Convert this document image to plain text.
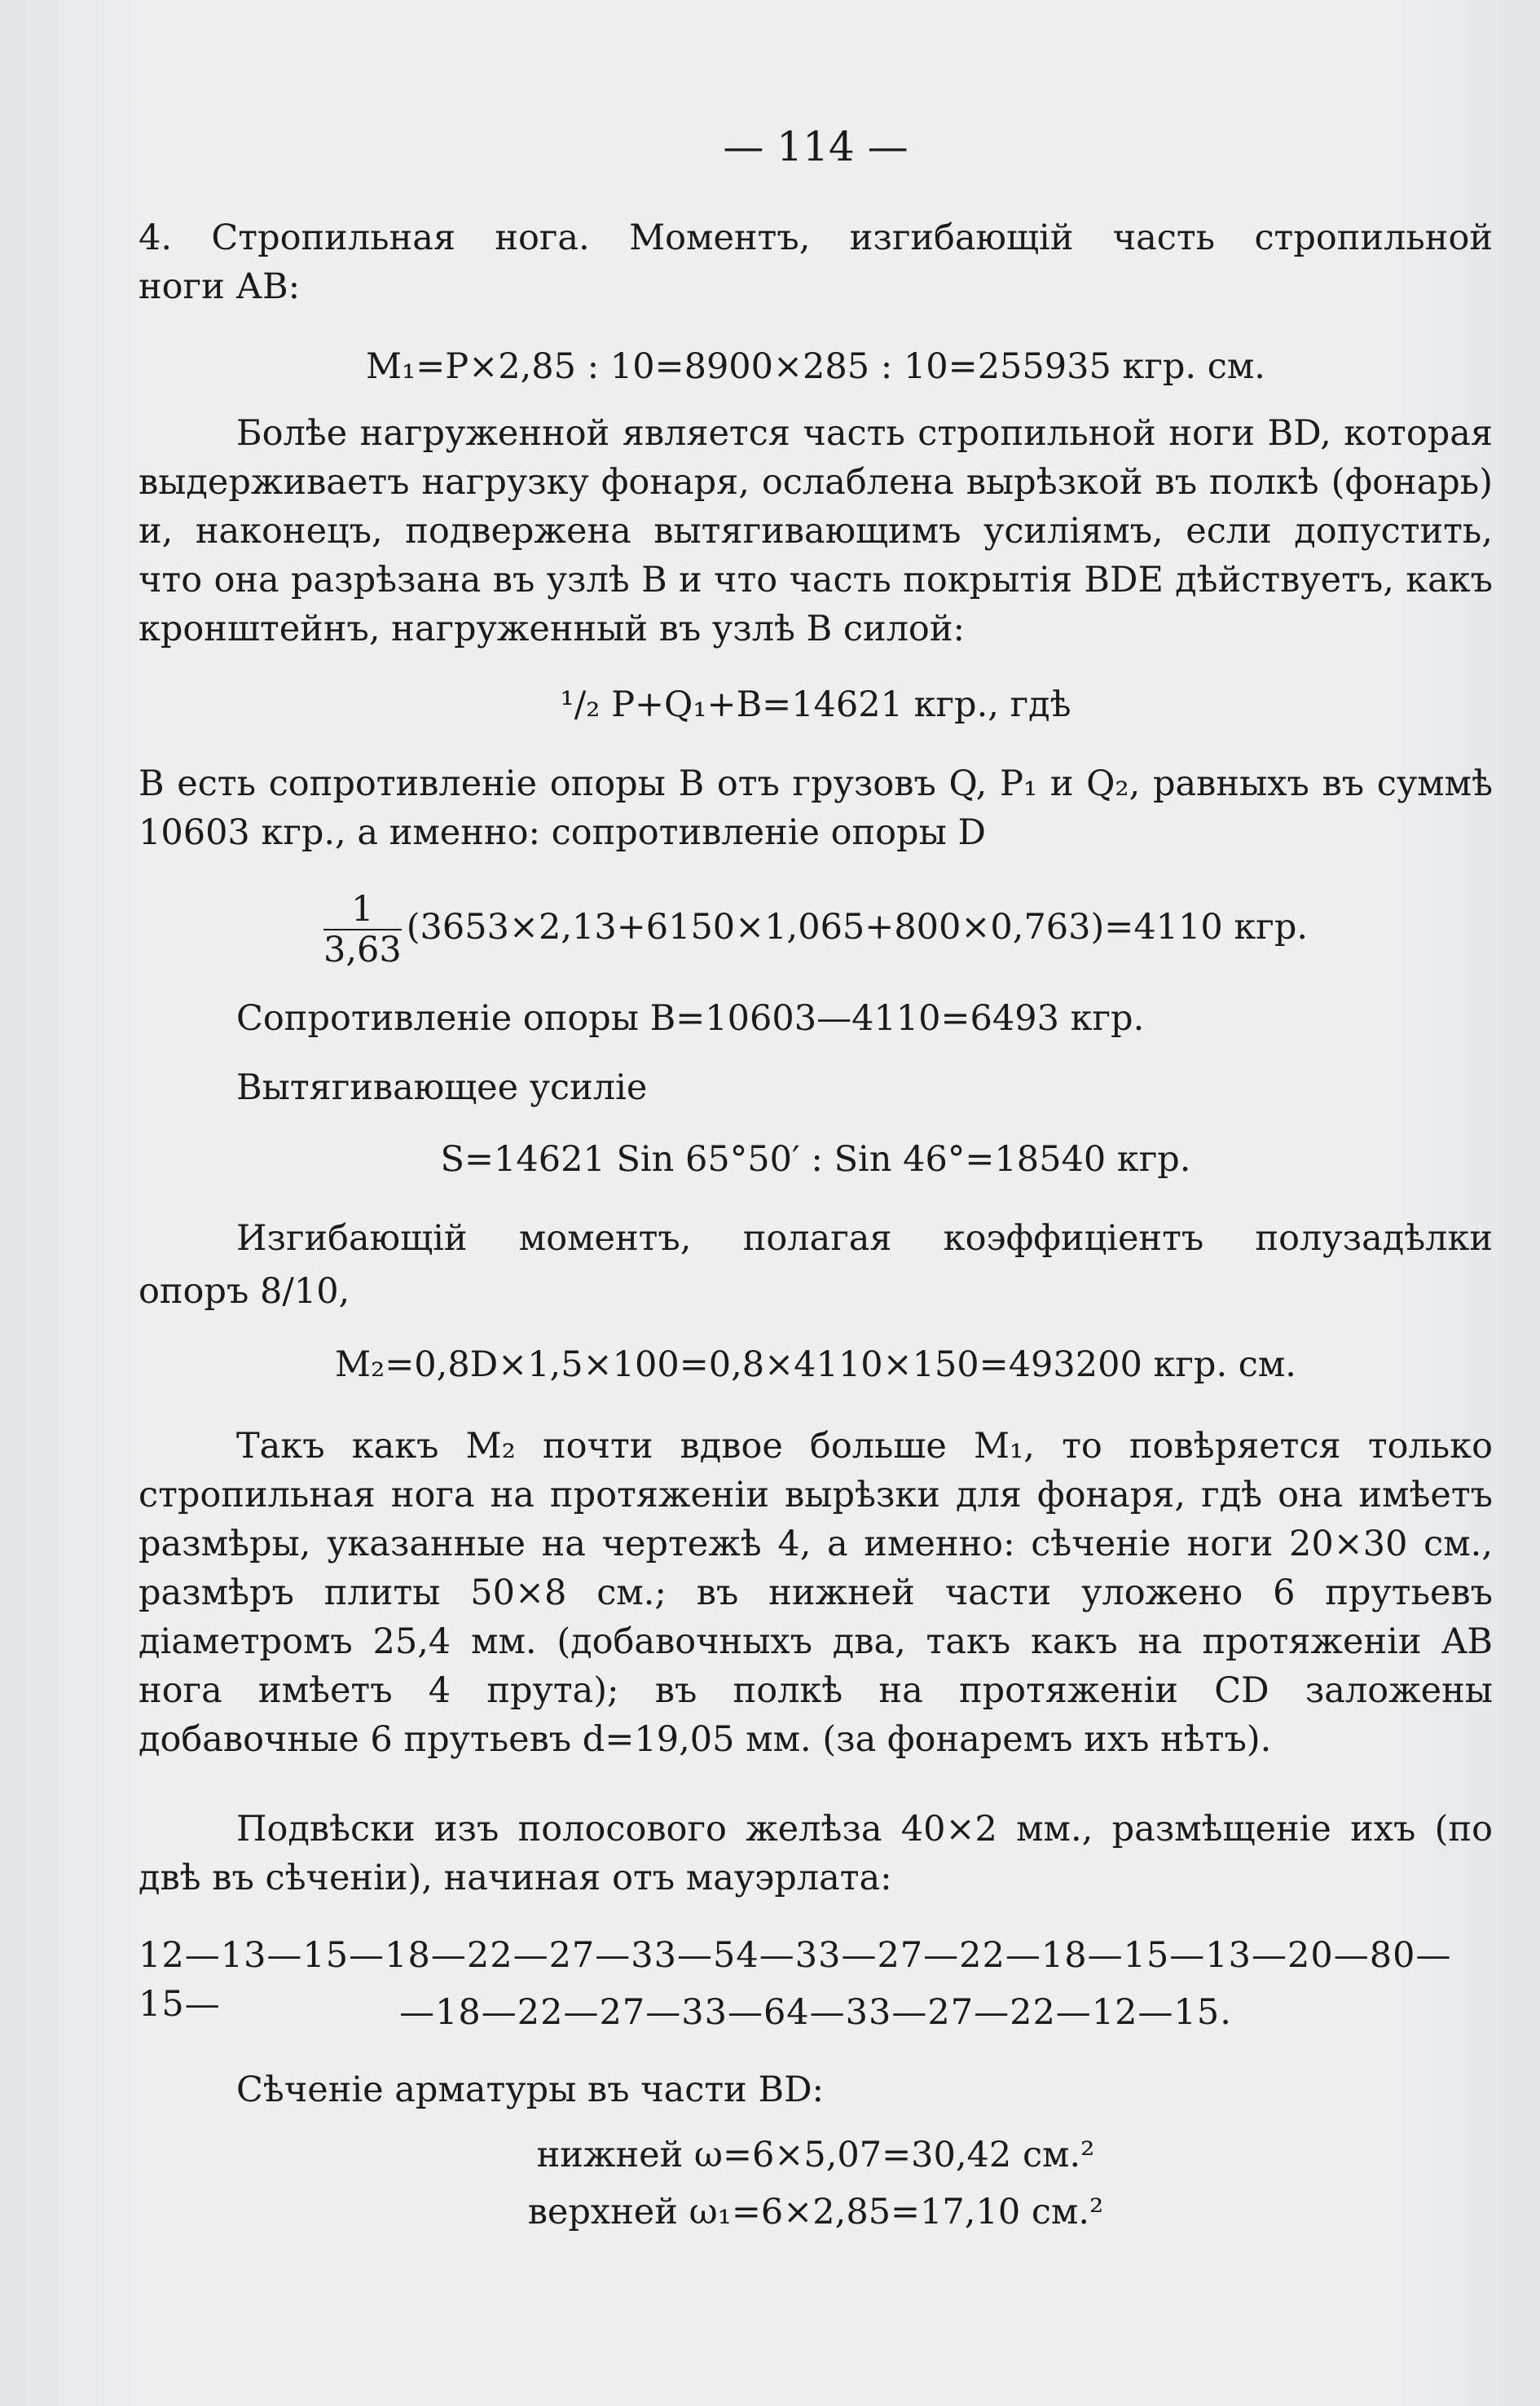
— 114 —
4. Стропильная нога. Моментъ, изгибающій часть стропильной
ноги АВ:
M₁=P×2,85 : 10=8900×285 : 10=255935 кгр. см.
Болѣе нагруженной является часть стропильной ноги BD, которая выдерживаетъ нагрузку фонаря, ослаблена вырѣзкой въ полкѣ (фонарь) и, наконецъ, подвержена вытягивающимъ усиліямъ, если допустить, что она разрѣзана въ узлѣ В и что часть покрытія BDE дѣйствуетъ, какъ кронштейнъ, нагруженный въ узлѣ В силой:
¹/₂ P+Q₁+B=14621 кгр., гдѣ
B есть сопротивленіе опоры В отъ грузовъ Q, P₁ и Q₂, равныхъ въ суммѣ 10603 кгр., а именно: сопротивленіе опоры D
$\frac{1}{3,63} (3653\times 2,13+6150\times 1,065+800\times 0,763)=4110$ кгр.
Сопротивленіе опоры B=10603—4110=6493 кгр.
Вытягивающее усиліе
S=14621 Sin 65°50′ : Sin 46°=18540 кгр.
Изгибающій моментъ, полагая коэффиціентъ полузадѣлки
опоръ 8/10,
M₂=0,8D×1,5×100=0,8×4110×150=493200 кгр. см.
Такъ какъ M₂ почти вдвое больше M₁, то повѣряется только стропильная нога на протяженіи вырѣзки для фонаря, гдѣ она имѣетъ размѣры, указанные на чертежѣ 4, а именно: сѣченіе ноги 20×30 см., размѣръ плиты 50×8 см.; въ нижней части уложено 6 прутьевъ діаметромъ 25,4 мм. (добавочныхъ два, такъ какъ на протяженіи AB нога имѣетъ 4 прута); въ полкѣ на протяженіи CD заложены добавочные 6 прутьевъ d=19,05 мм. (за фонаремъ ихъ нѣтъ).
Подвѣски изъ полосового желѣза 40×2 мм., размѣщеніе ихъ (по двѣ въ сѣченіи), начиная отъ мауэрлата:
12—13—15—18—22—27—33—54—33—27—22—18—15—13—20—80—15—	—18—22—27—33—64—33—27—22—12—15.
Сѣченіе арматуры въ части BD:
нижней ω=6×5,07=30,42 см.²
верхней ω₁=6×2,85=17,10 см.²
